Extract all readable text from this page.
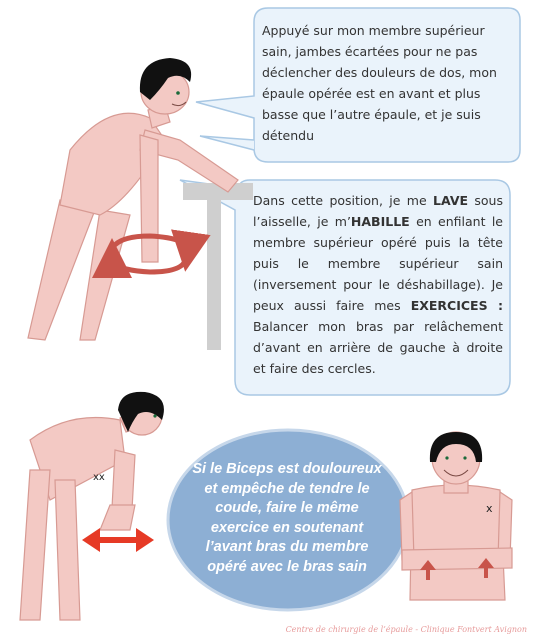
xx
x
Appuyé sur mon membre supérieur sain, jambes écartées pour ne pas déclencher des douleurs de dos, mon épaule opérée est en avant et plus basse que l’autre épaule, et je suis détendu
Dans cette position, je me LAVE sous l’aisselle, je m’HABILLE en enfilant le membre supérieur opéré puis la tête puis le membre supérieur sain (inversement pour le déshabillage). Je peux aussi faire mes EXERCICES : Balancer mon bras par relâchement d’avant en arrière de gauche à droite et faire des cercles.
Si le Biceps est douloureux et empêche de tendre le coude, faire le même exercice en soutenant l’avant bras du membre opéré avec le bras sain
Centre de chirurgie de l’épaule - Clinique Fontvert Avignon
